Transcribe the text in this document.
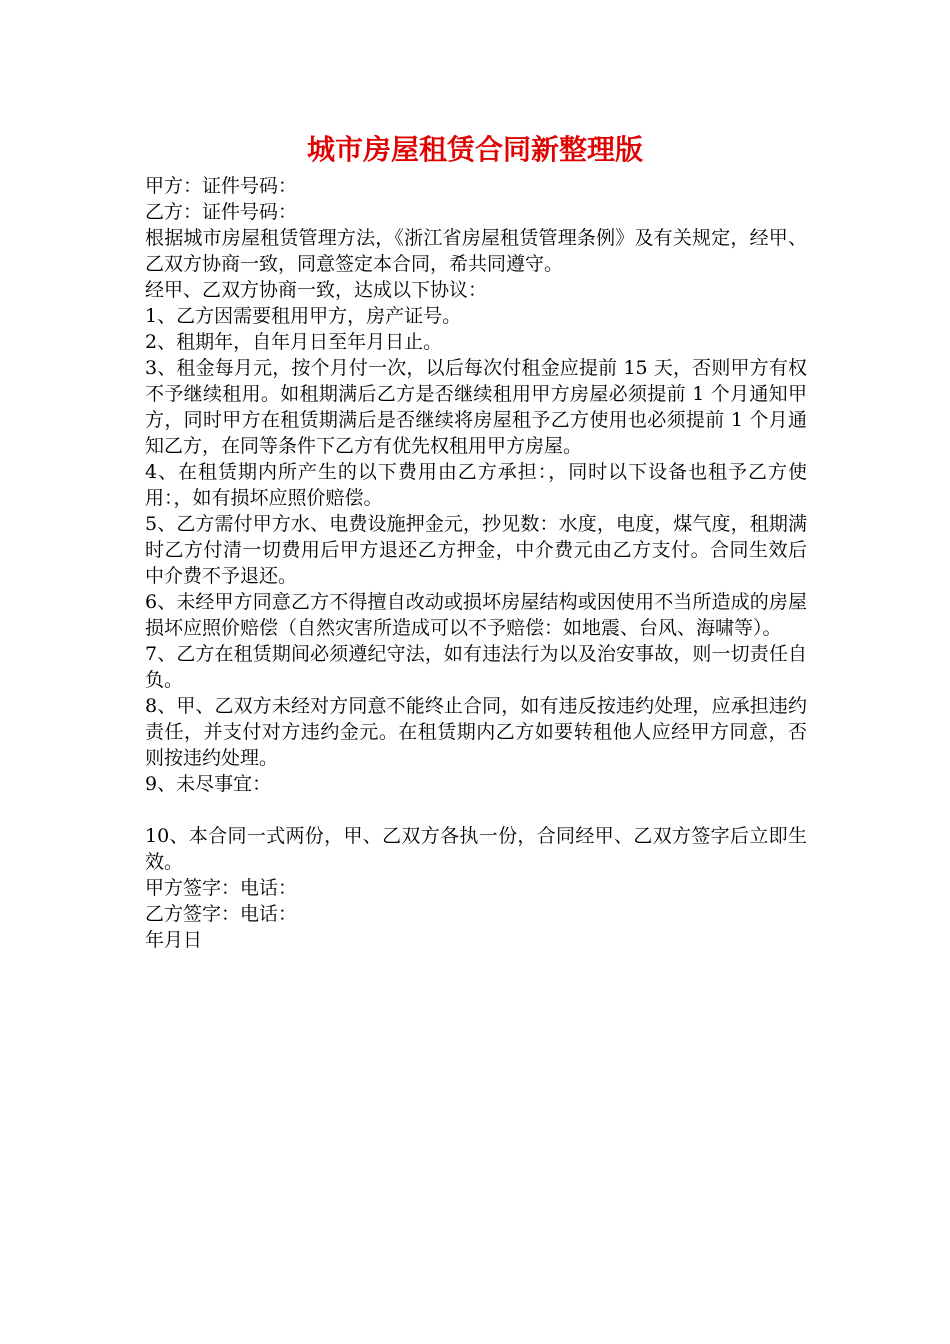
城市房屋租赁合同新整理版

甲方：证件号码：

乙方：证件号码：

根据城市房屋租赁管理方法，《浙江省房屋租赁管理条例》及有关规定，经甲、乙双方协商一致，同意签定本合同，希共同遵守。

经甲、乙双方协商一致，达成以下协议：

1、乙方因需要租用甲方，房产证号。

2、租期年，自年月日至年月日止。

3、租金每月元，按个月付一次，以后每次付租金应提前 15 天，否则甲方有权不予继续租用。如租期满后乙方是否继续租用甲方房屋必须提前 1 个月通知甲方，同时甲方在租赁期满后是否继续将房屋租予乙方使用也必须提前 1 个月通知乙方，在同等条件下乙方有优先权租用甲方房屋。

4、在租赁期内所产生的以下费用由乙方承担：，同时以下设备也租予乙方使用：，如有损坏应照价赔偿。

5、乙方需付甲方水、电费设施押金元，抄见数：水度，电度，煤气度，租期满时乙方付清一切费用后甲方退还乙方押金，中介费元由乙方支付。合同生效后中介费不予退还。

6、未经甲方同意乙方不得擅自改动或损坏房屋结构或因使用不当所造成的房屋损坏应照价赔偿（自然灾害所造成可以不予赔偿：如地震、台风、海啸等）。

7、乙方在租赁期间必须遵纪守法，如有违法行为以及治安事故，则一切责任自负。

8、甲、乙双方未经对方同意不能终止合同，如有违反按违约处理，应承担违约责任，并支付对方违约金元。在租赁期内乙方如要转租他人应经甲方同意，否则按违约处理。

9、未尽事宜：

10、本合同一式两份，甲、乙双方各执一份，合同经甲、乙双方签字后立即生效。

甲方签字：电话：

乙方签字：电话：

年月日
